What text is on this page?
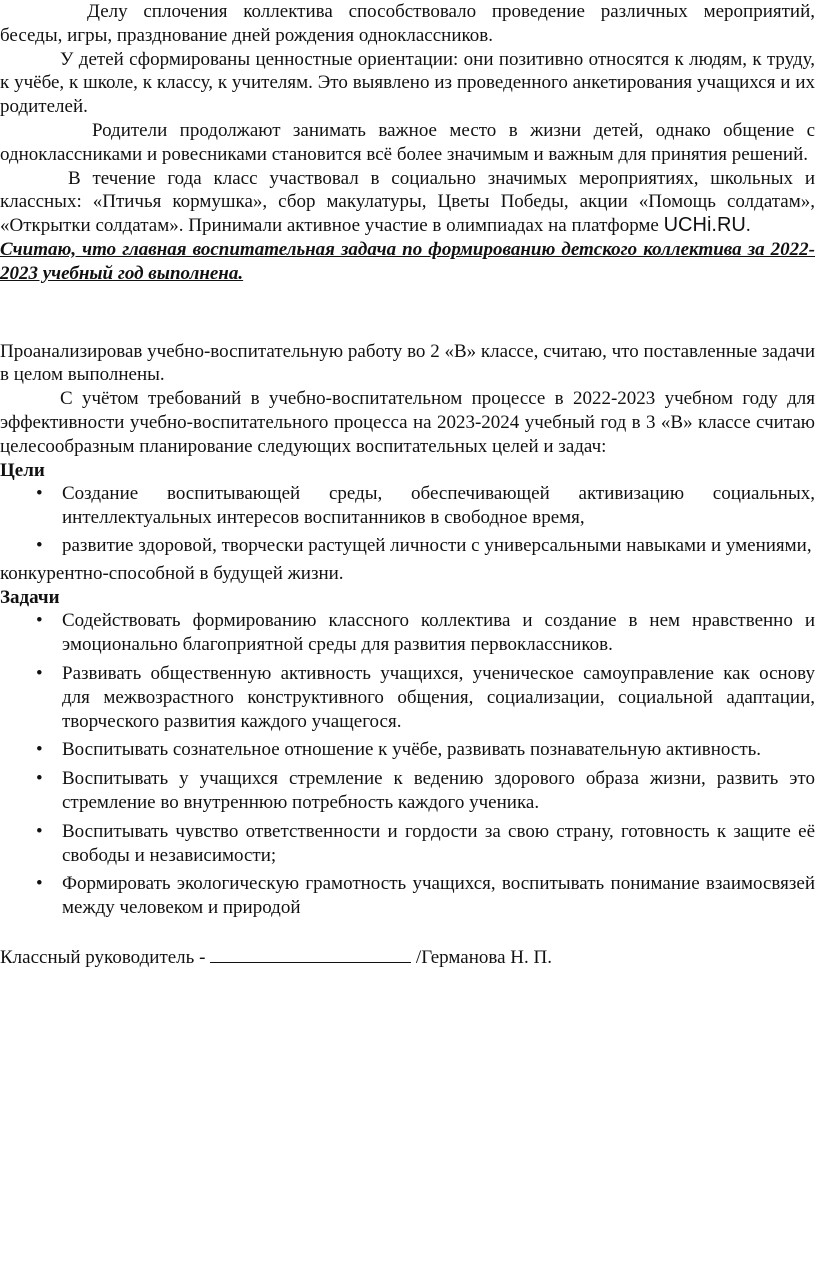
Делу сплочения коллектива способствовало проведение различных мероприятий, беседы, игры, празднование дней рождения одноклассников.

У детей сформированы ценностные ориентации: они позитивно относятся к людям, к труду, к учёбе, к школе, к классу, к учителям. Это выявлено из проведенного анкетирования учащихся и их родителей.

Родители продолжают занимать важное место в жизни детей, однако общение с одноклассниками и ровесниками становится всё более значимым и важным для принятия решений.

В течение года класс участвовал в социально значимых мероприятиях, школьных и классных: «Птичья кормушка», сбор макулатуры, Цветы Победы, акции «Помощь солдатам», «Открытки солдатам». Принимали активное участие в олимпиадах на платформе UCHi.RU.

Считаю, что главная воспитательная задача по формированию детского коллектива за 2022-2023 учебный год выполнена.

Проанализировав учебно-воспитательную работу во 2 «В» классе, считаю, что поставленные задачи в целом выполнены.

С учётом требований в учебно-воспитательном процессе в 2022-2023 учебном году для эффективности учебно-воспитательного процесса на 2023-2024 учебный год в 3 «В» классе считаю целесообразным планирование следующих воспитательных целей и задач:

Цели
• Создание воспитывающей среды, обеспечивающей активизацию социальных, интеллектуальных интересов воспитанников в свободное время,
• развитие здоровой, творчески растущей личности с универсальными навыками и умениями,

конкурентно-способной в будущей жизни.

Задачи
• Содействовать формированию классного коллектива и создание в нем нравственно и эмоционально благоприятной среды для развития первоклассников.
• Развивать общественную активность учащихся, ученическое самоуправление как основу для межвозрастного конструктивного общения, социализации, социальной адаптации, творческого развития каждого учащегося.
• Воспитывать сознательное отношение к учёбе, развивать познавательную активность.
• Воспитывать у учащихся стремление к ведению здорового образа жизни, развить это стремление во внутреннюю потребность каждого ученика.
• Воспитывать чувство ответственности и гордости за свою страну, готовность к защите её свободы и независимости;
• Формировать экологическую грамотность учащихся, воспитывать понимание взаимосвязей между человеком и природой
Классный руководитель -	/Германова Н. П.
